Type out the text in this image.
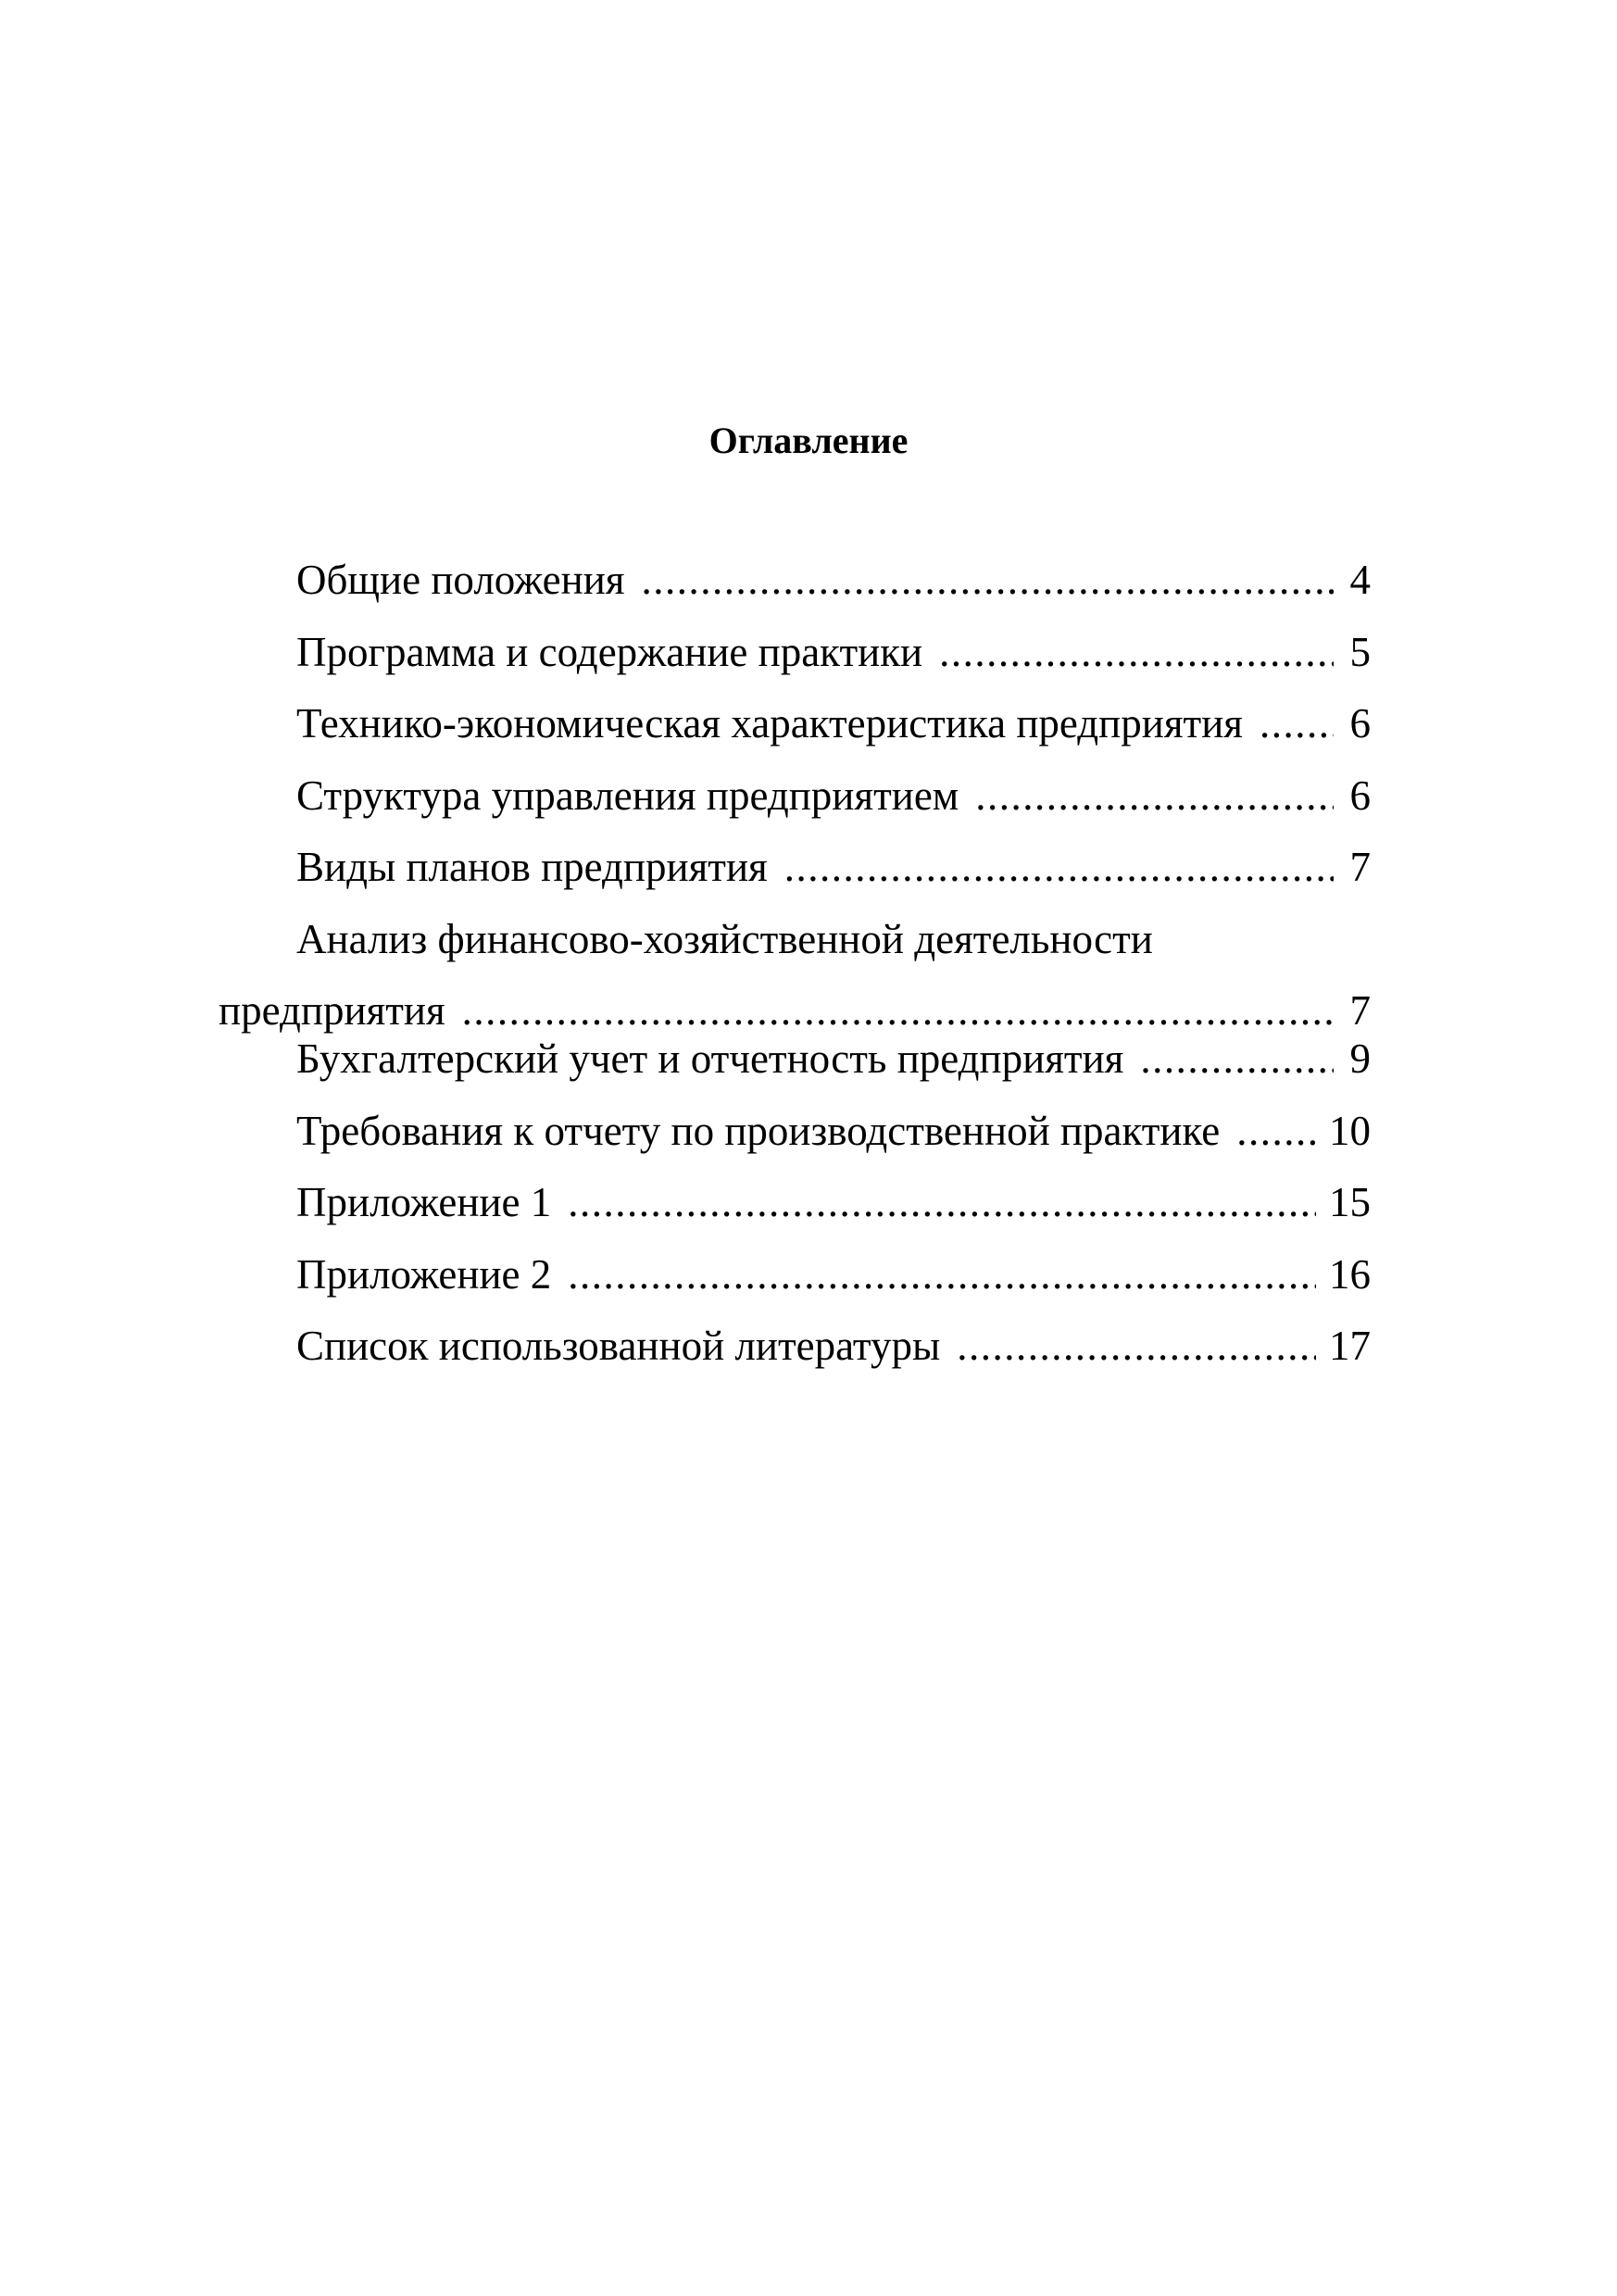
Оглавление
Общие положения .....	4
Программа и содержание практики .....	5
Технико-экономическая характеристика предприятия .....	6
Структура управления предприятием .....	6
Виды планов предприятия .....	7
Анализ финансово-хозяйственной деятельности
предприятия .....	7
Бухгалтерский учет и отчетность предприятия .....	9
Требования к отчету по производственной практике .....	10
Приложение 1 .....	15
Приложение 2 .....	16
Список использованной литературы .....	17
